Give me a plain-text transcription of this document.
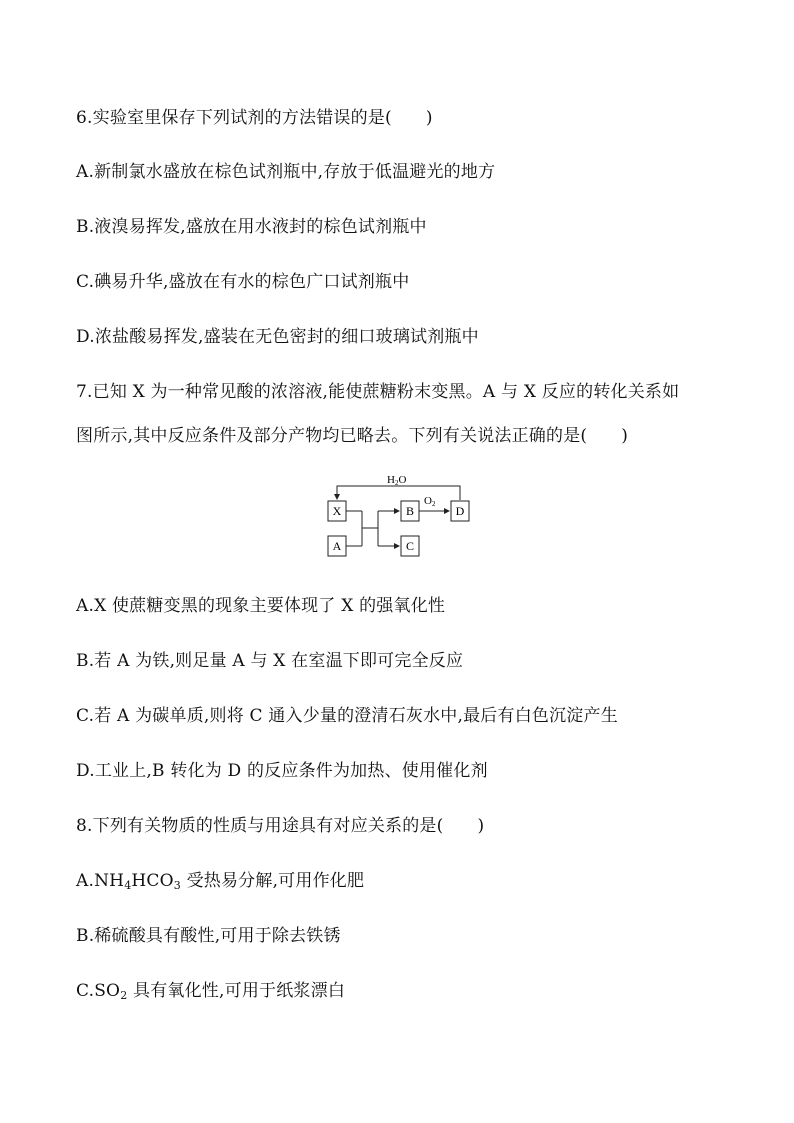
6.实验室里保存下列试剂的方法错误的是( )
A.新制氯水盛放在棕色试剂瓶中,存放于低温避光的地方
B.液溴易挥发,盛放在用水液封的棕色试剂瓶中
C.碘易升华,盛放在有水的棕色广口试剂瓶中
D.浓盐酸易挥发,盛装在无色密封的细口玻璃试剂瓶中
7.已知 X 为一种常见酸的浓溶液,能使蔗糖粉末变黑。A 与 X 反应的转化关系如
图所示,其中反应条件及部分产物均已略去。下列有关说法正确的是( )
H2O
X
A
B
C
O2 D
A.X 使蔗糖变黑的现象主要体现了 X 的强氧化性
B.若 A 为铁,则足量 A 与 X 在室温下即可完全反应
C.若 A 为碳单质,则将 C 通入少量的澄清石灰水中,最后有白色沉淀产生
D.工业上,B 转化为 D 的反应条件为加热、使用催化剂
8.下列有关物质的性质与用途具有对应关系的是( )
$A.NH_4HCO_3$ 受热易分解,可用作化肥
B.稀硫酸具有酸性,可用于除去铁锈
$C.SO_2$ 具有氧化性,可用于纸浆漂白
